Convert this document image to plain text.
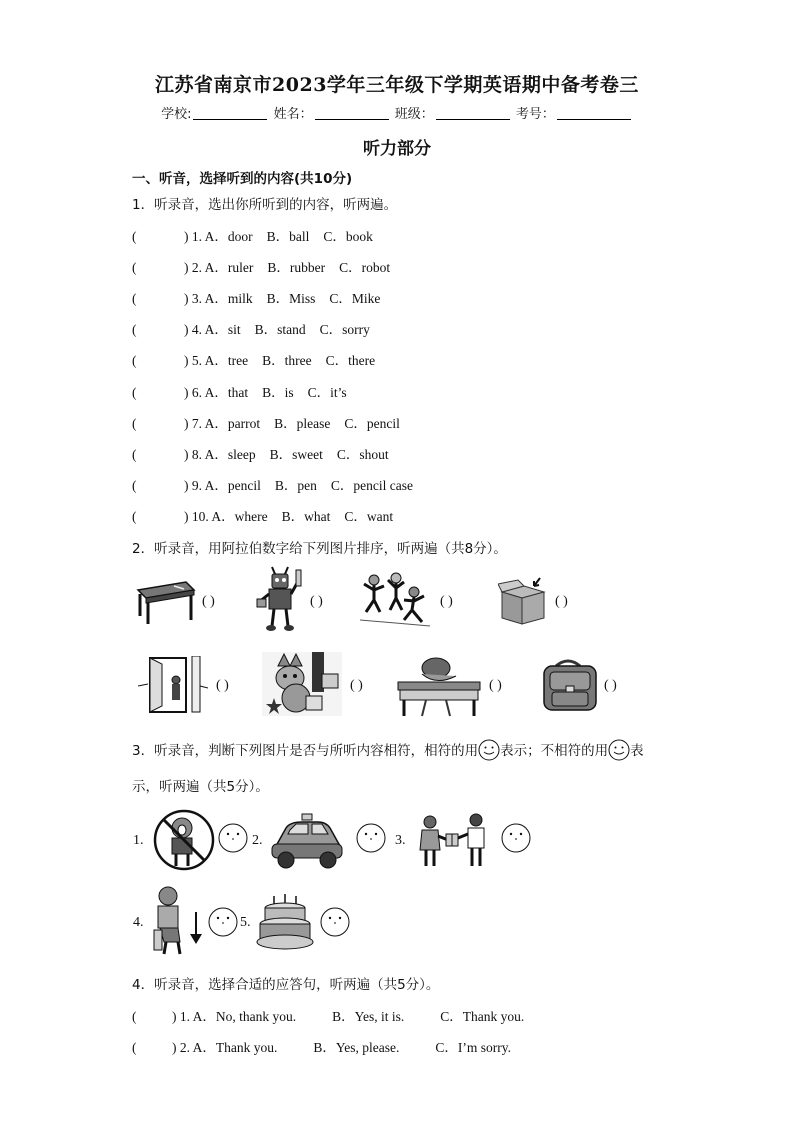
江苏省南京市2023学年三年级下学期英语期中备考卷三
学校:	姓名：	班级：	考号：
听力部分
一、听音，选择听到的内容(共10分)
1．听录音，选出你所听到的内容，听两遍。
(	) 1. A．door B．ball C．book
(	) 2. A．ruler B．rubber C．robot
(	) 3. A．milk B．Miss C．Mike
(	) 4. A．sit B．stand C．sorry
(	) 5. A．tree B．three C．there
(	) 6. A．that B．is C．it’s
(	) 7. A．parrot B．please C．pencil
(	) 8. A．sleep B．sweet C．shout
(	) 9. A．pencil B．pen C．pencil case
(	) 10. A．where B．what C．want
2．听录音，用阿拉伯数字给下列图片排序，听两遍（共8分）。
( )	( )	( )	( )
( )	( )	( )	( )
3．听录音，判断下列图片是否与所听内容相符，相符的用 表示；不相符的用 表
示，听两遍（共5分）。
1.	2.	3.
4.	5.
4．听录音，选择合适的应答句，听两遍（共5分）。
(	) 1. A．No, thank you.	B．Yes, it is.	C．Thank you.
(	) 2. A．Thank you.	B．Yes, please.	C．I’m sorry.
